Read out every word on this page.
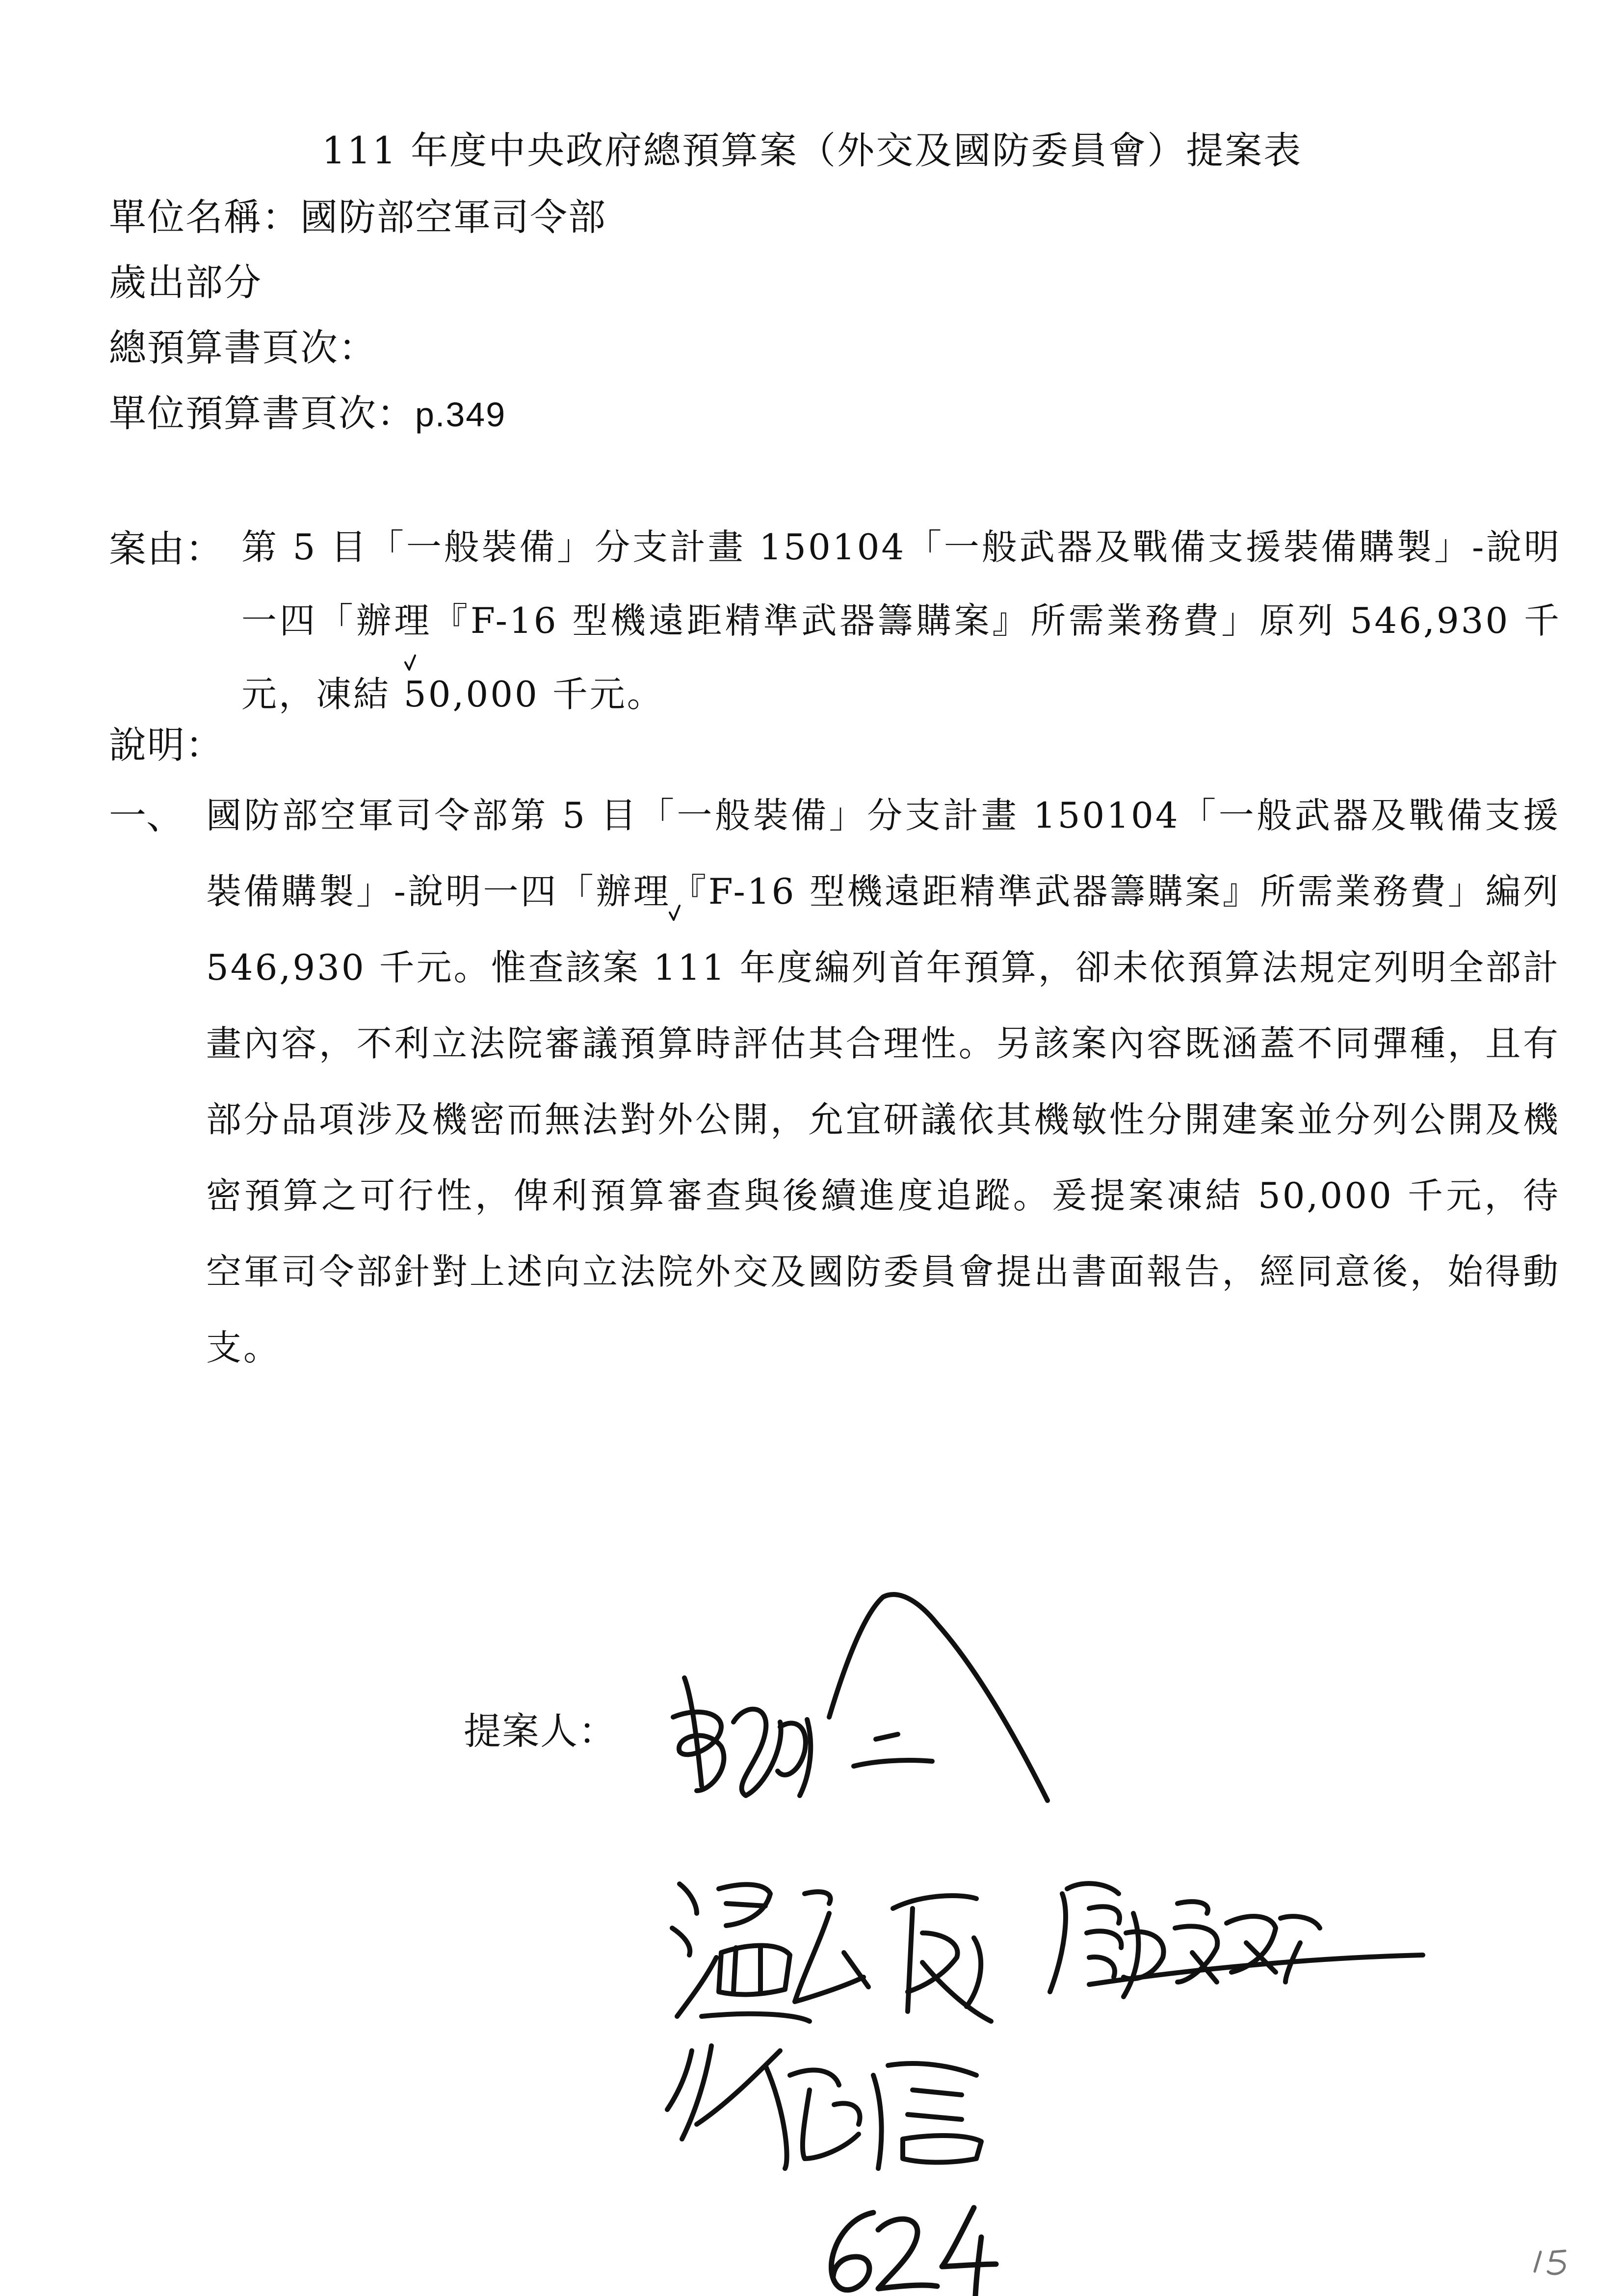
111 年度中央政府總預算案（外交及國防委員會）提案表
單位名稱：國防部空軍司令部
歲出部分
總預算書頁次：
單位預算書頁次：p.349
案由： 第 5 目「一般裝備」分支計畫 150104「一般武器及戰備支援裝備購製」-說明一四「辦理『F-16 型機遠距精準武器籌購案』所需業務費」原列 546,930 千元，凍結 50,000 千元。
說明：
一、 國防部空軍司令部第 5 目「一般裝備」分支計畫 150104「一般武器及戰備支援裝備購製」-說明一四「辦理『F-16 型機遠距精準武器籌購案』所需業務費」編列 546,930 千元。惟查該案 111 年度編列首年預算，卻未依預算法規定列明全部計畫內容，不利立法院審議預算時評估其合理性。另該案內容既涵蓋不同彈種，且有部分品項涉及機密而無法對外公開，允宜研議依其機敏性分開建案並分列公開及機密預算之可行性，俾利預算審查與後續進度追蹤。爰提案凍結 50,000 千元，待空軍司令部針對上述向立法院外交及國防委員會提出書面報告，經同意後，始得動支。
提案人：
